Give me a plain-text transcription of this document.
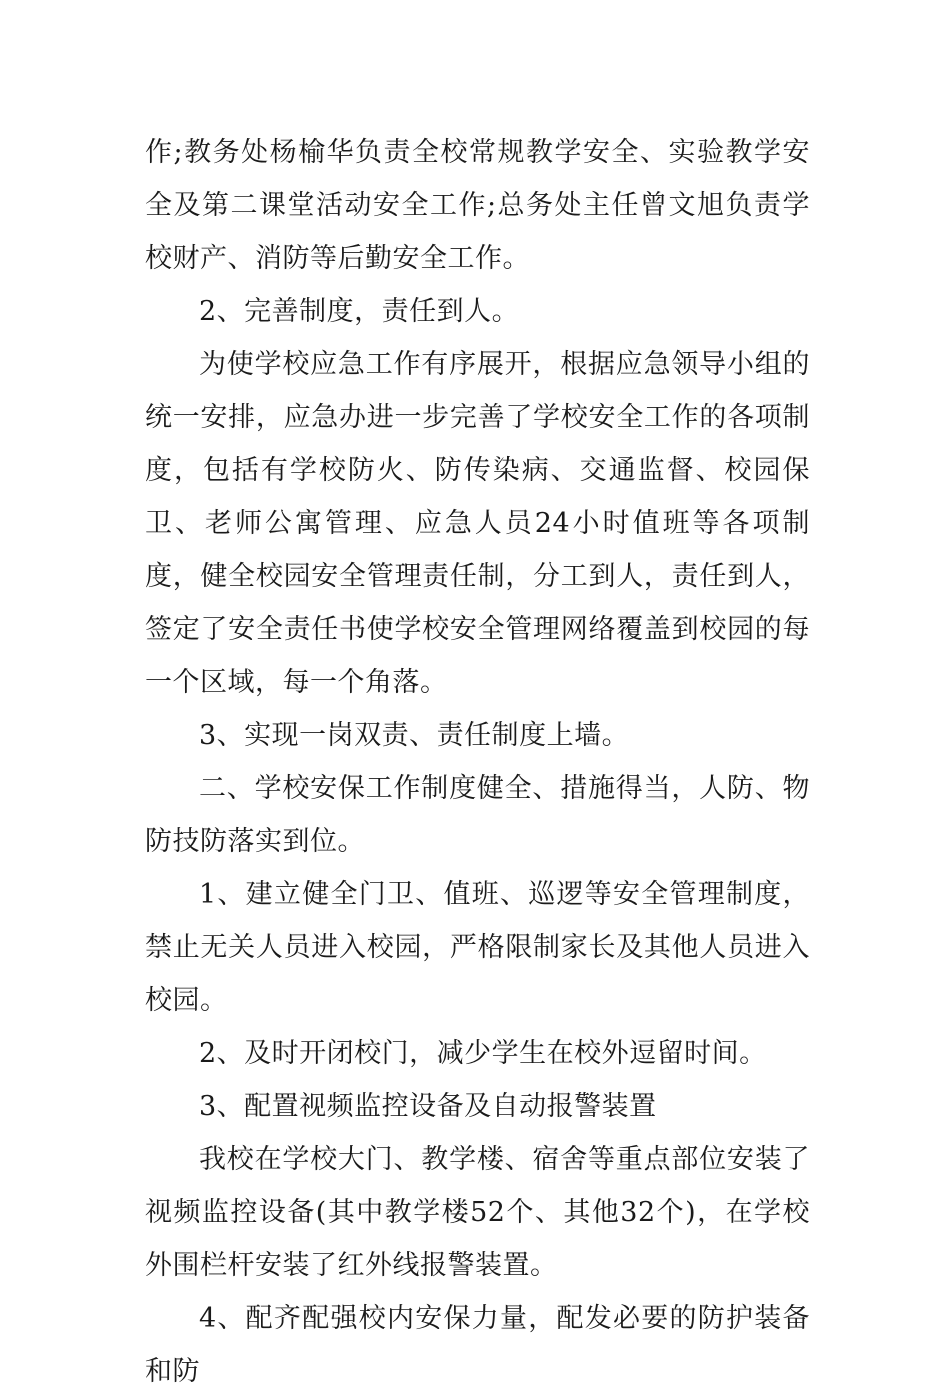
作;教务处杨榆华负责全校常规教学安全、实验教学安全及第二课堂活动安全工作;总务处主任曾文旭负责学校财产、消防等后勤安全工作。

2、完善制度，责任到人。

为使学校应急工作有序展开，根据应急领导小组的统一安排，应急办进一步完善了学校安全工作的各项制度，包括有学校防火、防传染病、交通监督、校园保卫、老师公寓管理、应急人员24小时值班等各项制度，健全校园安全管理责任制，分工到人，责任到人，签定了安全责任书使学校安全管理网络覆盖到校园的每一个区域，每一个角落。

3、实现一岗双责、责任制度上墙。

二、学校安保工作制度健全、措施得当，人防、物防技防落实到位。

1、建立健全门卫、值班、巡逻等安全管理制度，禁止无关人员进入校园，严格限制家长及其他人员进入校园。

2、及时开闭校门，减少学生在校外逗留时间。

3、配置视频监控设备及自动报警装置

我校在学校大门、教学楼、宿舍等重点部位安装了视频监控设备(其中教学楼52个、其他32个)，在学校外围栏杆安装了红外线报警装置。

4、配齐配强校内安保力量，配发必要的防护装备和防
